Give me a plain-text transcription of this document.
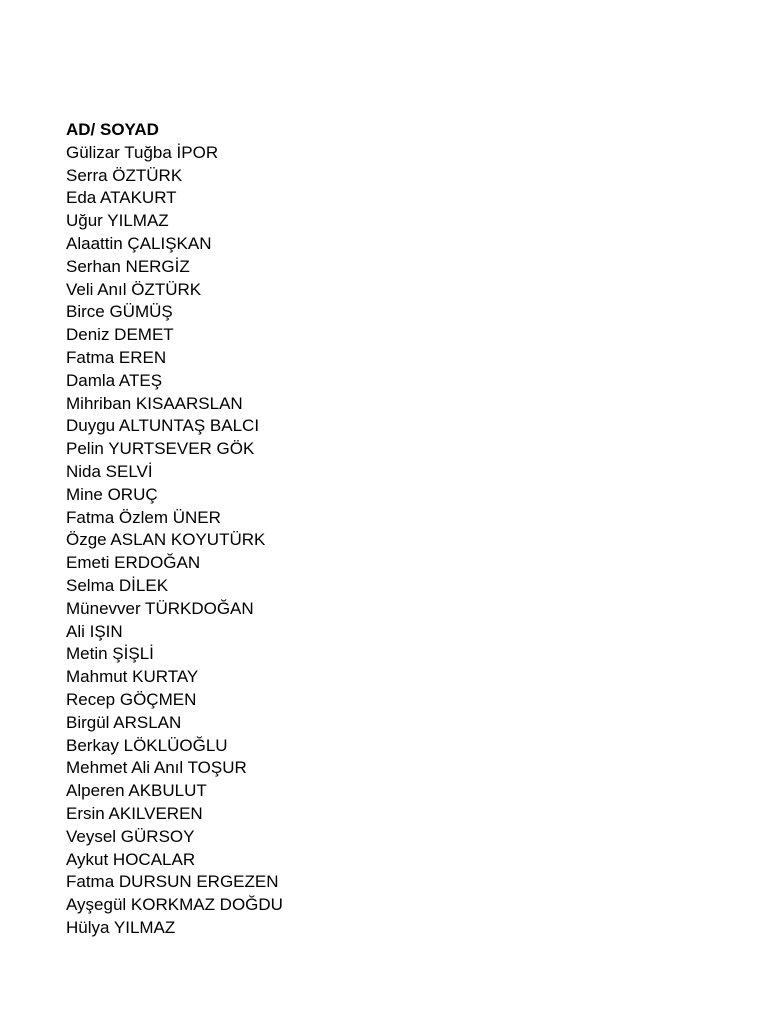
AD/ SOYAD
Gülizar Tuğba İPOR
Serra ÖZTÜRK
Eda ATAKURT
Uğur YILMAZ
Alaattin ÇALIŞKAN
Serhan NERGİZ
Veli Anıl ÖZTÜRK
Birce GÜMÜŞ
Deniz DEMET
Fatma EREN
Damla ATEŞ
Mihriban KISAARSLAN
Duygu ALTUNTAŞ BALCI
Pelin YURTSEVER GÖK
Nida SELVİ
Mine ORUÇ
Fatma Özlem ÜNER
Özge ASLAN KOYUTÜRK
Emeti ERDOĞAN
Selma DİLEK
Münevver TÜRKDOĞAN
Ali IŞIN
Metin ŞİŞLİ
Mahmut KURTAY
Recep GÖÇMEN
Birgül ARSLAN
Berkay LÖKLÜOĞLU
Mehmet Ali Anıl TOŞUR
Alperen AKBULUT
Ersin AKILVEREN
Veysel GÜRSOY
Aykut HOCALAR
Fatma DURSUN ERGEZEN
Ayşegül KORKMAZ DOĞDU
Hülya YILMAZ
